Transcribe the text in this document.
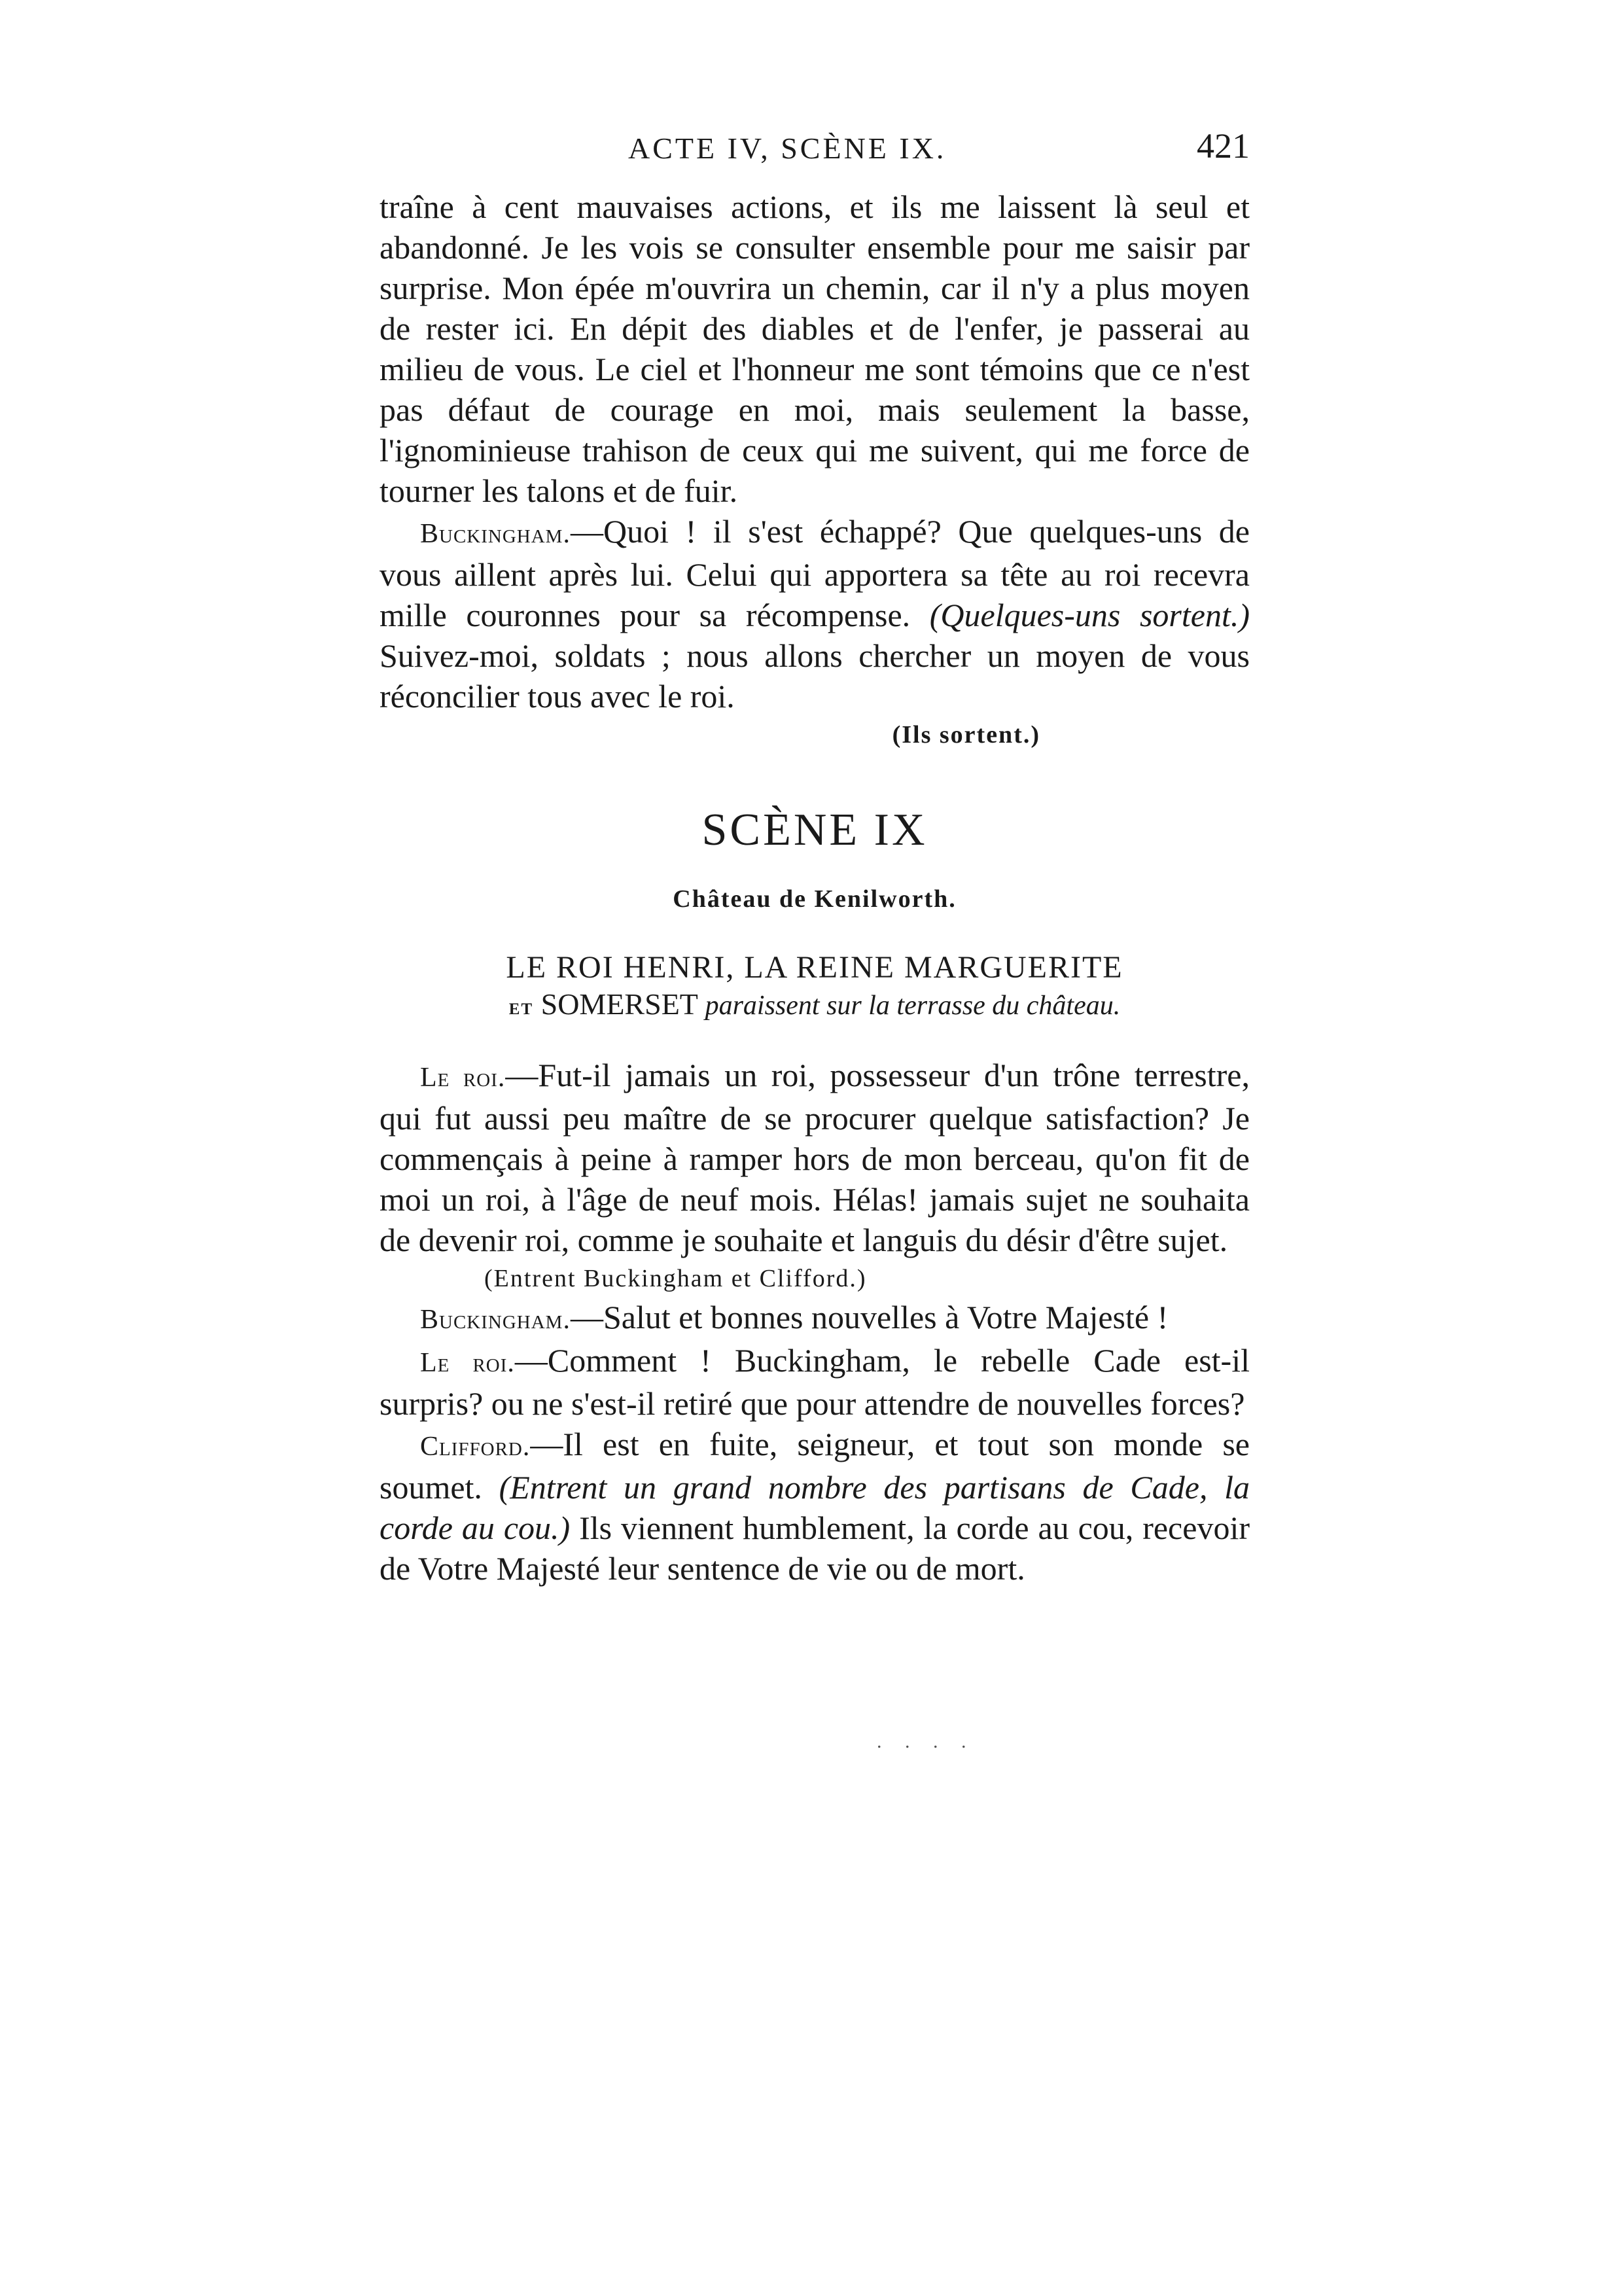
ACTE IV, SCÈNE IX.	421

traîne à cent mauvaises actions, et ils me laissent là seul et abandonné. Je les vois se consulter ensemble pour me saisir par surprise. Mon épée m'ouvrira un chemin, car il n'y a plus moyen de rester ici. En dépit des diables et de l'enfer, je passerai au milieu de vous. Le ciel et l'honneur me sont témoins que ce n'est pas défaut de courage en moi, mais seulement la basse, l'ignominieuse trahison de ceux qui me suivent, qui me force de tourner les talons et de fuir.

Buckingham.—Quoi ! il s'est échappé? Que quelques-uns de vous aillent après lui. Celui qui apportera sa tête au roi recevra mille couronnes pour sa récompense. (Quelques-uns sortent.) Suivez-moi, soldats ; nous allons chercher un moyen de vous réconcilier tous avec le roi.

(Ils sortent.)

SCÈNE IX
Château de Kenilworth.

LE ROI HENRI, LA REINE MARGUERITE

et SOMERSET paraissent sur la terrasse du château.

Le roi.—Fut-il jamais un roi, possesseur d'un trône terrestre, qui fut aussi peu maître de se procurer quelque satisfaction? Je commençais à peine à ramper hors de mon berceau, qu'on fit de moi un roi, à l'âge de neuf mois. Hélas! jamais sujet ne souhaita de devenir roi, comme je souhaite et languis du désir d'être sujet.

(Entrent Buckingham et Clifford.)

Buckingham.—Salut et bonnes nouvelles à Votre Majesté !

Le roi.—Comment ! Buckingham, le rebelle Cade est-il surpris? ou ne s'est-il retiré que pour attendre de nouvelles forces?

Clifford.—Il est en fuite, seigneur, et tout son monde se soumet. (Entrent un grand nombre des partisans de Cade, la corde au cou.) Ils viennent humblement, la corde au cou, recevoir de Votre Majesté leur sentence de vie ou de mort.

. . . .
